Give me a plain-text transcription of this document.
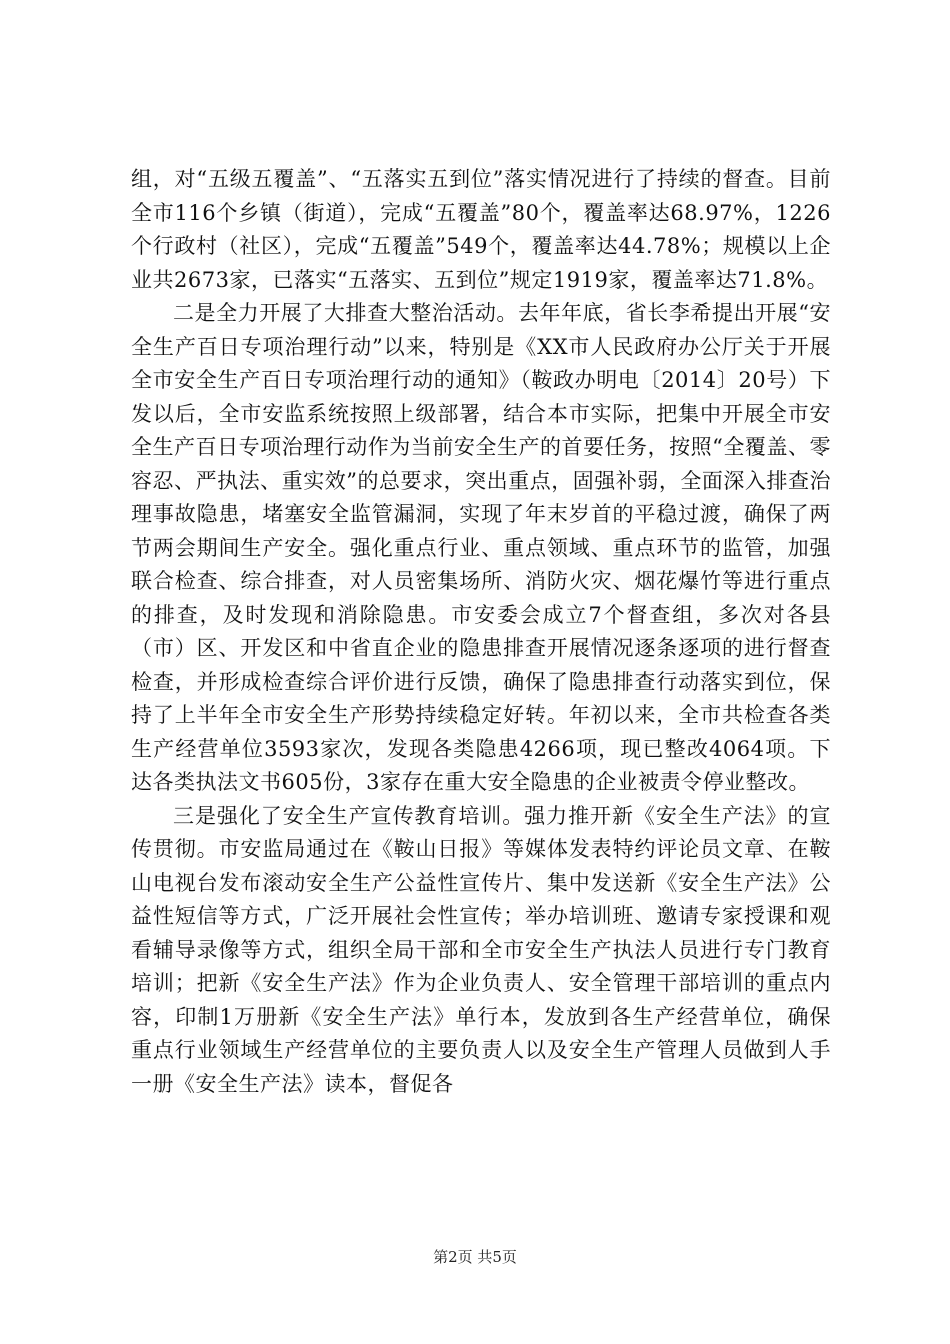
组，对“五级五覆盖”、“五落实五到位”落实情况进行了持续的督查。目前全市116个乡镇（街道），完成“五覆盖”80个，覆盖率达68.97%，1226个行政村（社区），完成“五覆盖”549个，覆盖率达44.78%；规模以上企业共2673家，已落实“五落实、五到位”规定1919家，覆盖率达71.8%。

二是全力开展了大排查大整治活动。去年年底，省长李希提出开展“安全生产百日专项治理行动”以来，特别是《XX市人民政府办公厅关于开展全市安全生产百日专项治理行动的通知》（鞍政办明电〔2014〕20号）下发以后，全市安监系统按照上级部署，结合本市实际，把集中开展全市安全生产百日专项治理行动作为当前安全生产的首要任务，按照“全覆盖、零容忍、严执法、重实效”的总要求，突出重点，固强补弱，全面深入排查治理事故隐患，堵塞安全监管漏洞，实现了年末岁首的平稳过渡，确保了两节两会期间生产安全。强化重点行业、重点领域、重点环节的监管，加强联合检查、综合排查，对人员密集场所、消防火灾、烟花爆竹等进行重点的排查，及时发现和消除隐患。市安委会成立7个督查组，多次对各县（市）区、开发区和中省直企业的隐患排查开展情况逐条逐项的进行督查检查，并形成检查综合评价进行反馈，确保了隐患排查行动落实到位，保持了上半年全市安全生产形势持续稳定好转。年初以来，全市共检查各类生产经营单位3593家次，发现各类隐患4266项，现已整改4064项。下达各类执法文书605份，3家存在重大安全隐患的企业被责令停业整改。

三是强化了安全生产宣传教育培训。强力推开新《安全生产法》的宣传贯彻。市安监局通过在《鞍山日报》等媒体发表特约评论员文章、在鞍山电视台发布滚动安全生产公益性宣传片、集中发送新《安全生产法》公益性短信等方式，广泛开展社会性宣传；举办培训班、邀请专家授课和观看辅导录像等方式，组织全局干部和全市安全生产执法人员进行专门教育培训；把新《安全生产法》作为企业负责人、安全管理干部培训的重点内容，印制1万册新《安全生产法》单行本，发放到各生产经营单位，确保重点行业领域生产经营单位的主要负责人以及安全生产管理人员做到人手一册《安全生产法》读本，督促各

第2页 共5页
